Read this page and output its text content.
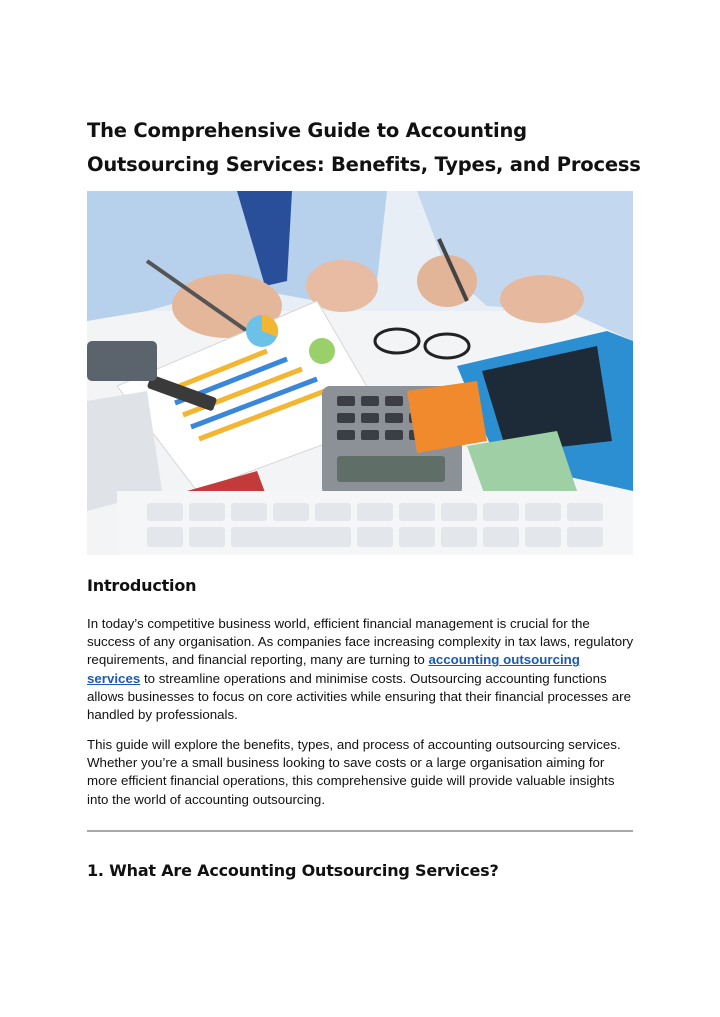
The Comprehensive Guide to Accounting Outsourcing Services: Benefits, Types, and Process
Introduction

In today’s competitive business world, efficient financial management is crucial for the success of any organisation. As companies face increasing complexity in tax laws, regulatory requirements, and financial reporting, many are turning to accounting outsourcing services to streamline operations and minimise costs. Outsourcing accounting functions allows businesses to focus on core activities while ensuring that their financial processes are handled by professionals.

This guide will explore the benefits, types, and process of accounting outsourcing services. Whether you’re a small business looking to save costs or a large organisation aiming for more efficient financial operations, this comprehensive guide will provide valuable insights into the world of accounting outsourcing.

1. What Are Accounting Outsourcing Services?
